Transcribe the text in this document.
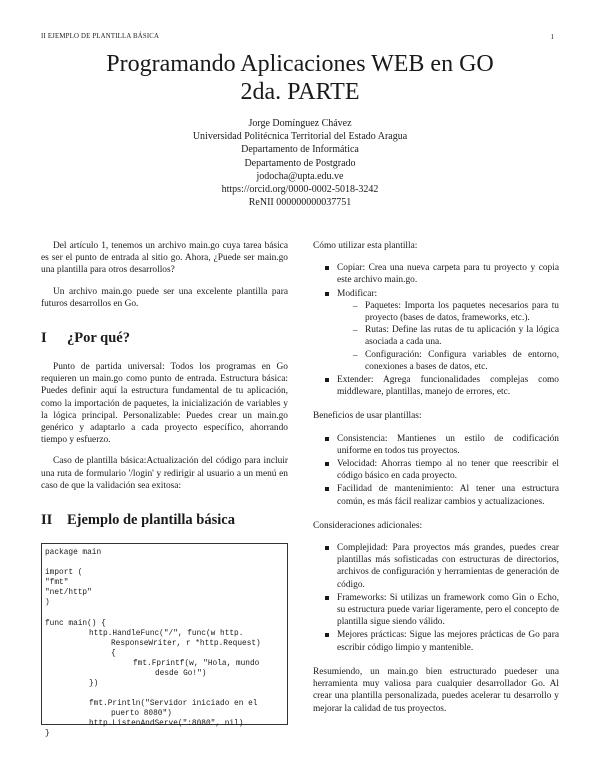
II EJEMPLO DE PLANTILLA BÁSICA	1
Programando Aplicaciones WEB en GO
2da. PARTE
Jorge Domínguez Chávez
Universidad Politécnica Territorial del Estado Aragua
Departamento de Informática
Departamento de Postgrado
jodocha@upta.edu.ve
https://orcid.org/0000-0002-5018-3242
ReNII 000000000037751

Del artículo 1, tenemos un archivo main.go cuya tarea básica es ser el punto de entrada al sitio go. Ahora, ¿Puede ser main.go una plantilla para otros desarrollos?

Un archivo main.go puede ser una excelente plantilla para futuros desarrollos en Go.

I ¿Por qué?

Punto de partida universal: Todos los programas en Go requieren un main.go como punto de entrada. Estructura básica: Puedes definir aquí la estructura fundamental de tu aplicación, como la importación de paquetes, la inicialización de variables y la lógica principal. Personalizable: Puedes crear un main.go genérico y adaptarlo a cada proyecto específico, ahorrando tiempo y esfuerzo.

Caso de plantilla básica:Actualización del código para incluir una ruta de formulario '/login' y redirigir al usuario a un menú en caso de que la validación sea exitosa:

II Ejemplo de plantilla básica
package main
import (
"fmt"
"net/http"
)
func main() {
http.HandleFunc("/", func(w http.
ResponseWriter, r *http.Request)
{
fmt.Fprintf(w, "Hola, mundo
desde Go!")
})
fmt.Println("Servidor iniciado en el
puerto 8080")
http.ListenAndServe(":8080", nil)
}

Cómo utilizar esta plantilla:

Copiar: Crea una nueva carpeta para tu proyecto y copia este archivo main.go.
Modificar:
– Paquetes: Importa los paquetes necesarios para tu proyecto (bases de datos, frameworks, etc.).
– Rutas: Define las rutas de tu aplicación y la lógica asociada a cada una.
– Configuración: Configura variables de entorno, conexiones a bases de datos, etc.
Extender: Agrega funcionalidades complejas como middleware, plantillas, manejo de errores, etc.

Beneficios de usar plantillas:

Consistencia: Mantienes un estilo de codificación uniforme en todos tus proyectos.
Velocidad: Ahorras tiempo al no tener que reescribir el código básico en cada proyecto.
Facilidad de mantenimiento: Al tener una estructura común, es más fácil realizar cambios y actualizaciones.

Consideraciones adicionales:

Complejidad: Para proyectos más grandes, puedes crear plantillas más sofisticadas con estructuras de directorios, archivos de configuración y herramientas de generación de código.
Frameworks: Si utilizas un framework como Gin o Echo, su estructura puede variar ligeramente, pero el concepto de plantilla sigue siendo válido.
Mejores prácticas: Sigue las mejores prácticas de Go para escribir código limpio y mantenible.

Resumiendo, un main.go bien estructurado puedeser una herramienta muy valiosa para cualquier desarrollador Go. Al crear una plantilla personalizada, puedes acelerar tu desarrollo y mejorar la calidad de tus proyectos.
